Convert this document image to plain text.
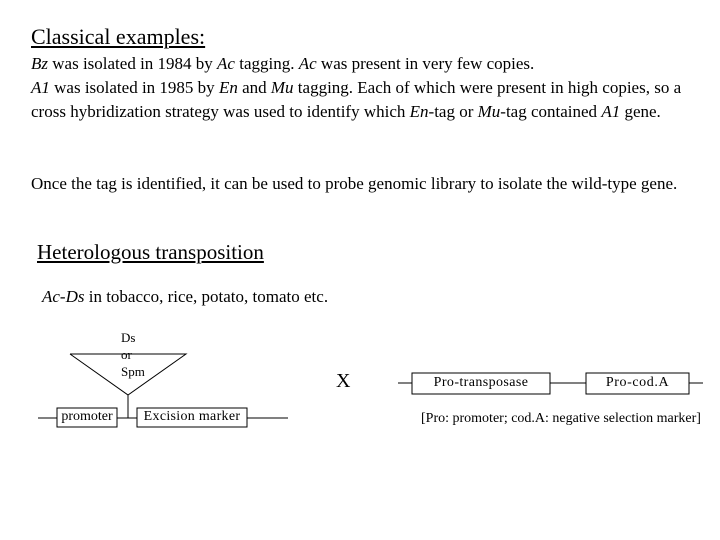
Classical examples:
Bz was isolated in 1984 by Ac tagging. Ac was present in very few copies.
A1 was isolated in 1985 by En and Mu tagging. Each of which were present in high copies, so a cross hybridization strategy was used to identify which En-tag or Mu-tag contained A1 gene.
Once the tag is identified, it can be used to probe genomic library to isolate the wild-type gene.
Heterologous transposition
Ac-Ds in tobacco, rice, potato, tomato etc.
Ds
or
Spm
promoter	Excision marker
X	Pro-transposase	Pro-cod.A
[Pro: promoter; cod.A: negative selection marker]
